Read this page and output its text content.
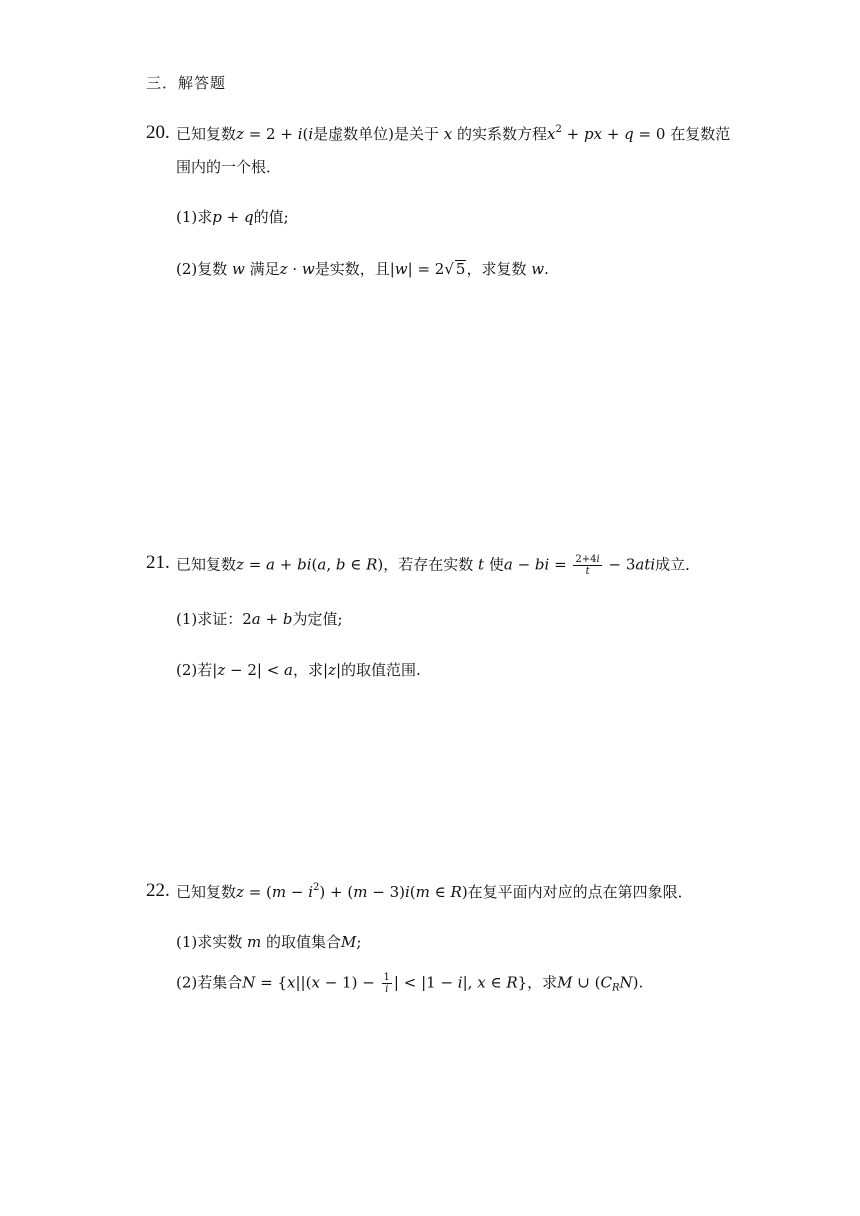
三．解答题
20. 已知复数z = 2 + i(i是虚数单位)是关于 x 的实系数方程$x^2$ + px + q = 0 在复数范
围内的一个根．
(1)求p + q的值;
(2)复数 w 满足z · w是实数，且|w| = 2√ 5，求复数 w.
21. 已知复数z = a + bi(a, b ∈ R)，若存在实数 t 使a − bi = $\frac{2+4i}{t} - 3ati$成立．
(1)求证：2a + b为定值;
(2)若|z − 2| < a，求|z|的取值范围.
22. 已知复数$z = (m - i^2) + (m - 3)i(m$ ∈ R)在复平面内对应的点在第四象限．
(1)求实数 m 的取值集合M;
(2)若集合$N = \{x||(x - 1) - \frac{1}{i}$ | < |1 − i|, x ∈ R}，求M ∪ $(C_RN)$.
